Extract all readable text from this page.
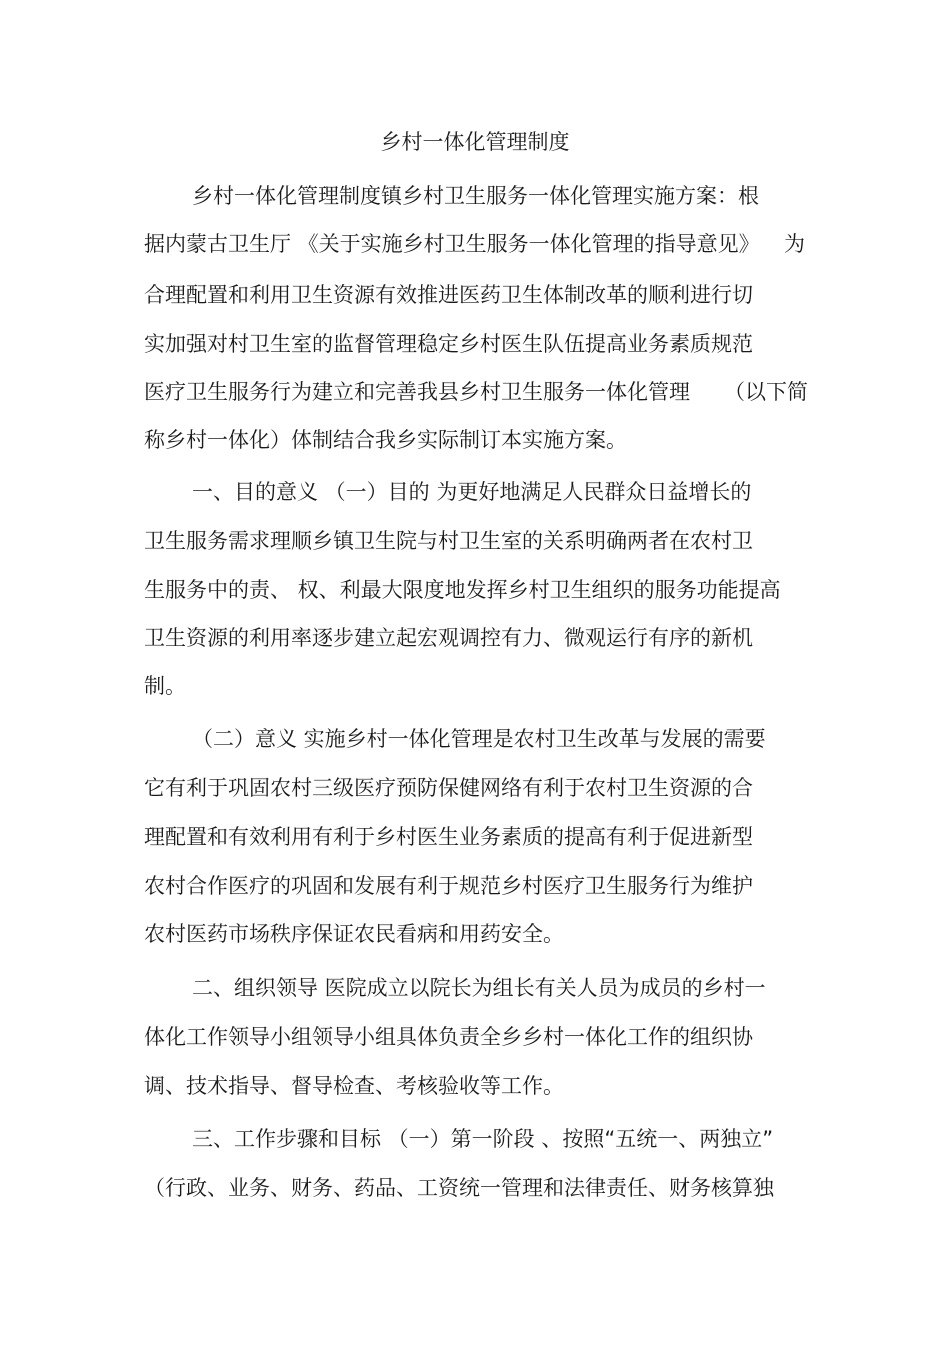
乡村一体化管理制度
乡村一体化管理制度镇乡村卫生服务一体化管理实施方案：根
据内蒙古卫生厅 《关于实施乡村卫生服务一体化管理的指导意见》 为
合理配置和利用卫生资源有效推进医药卫生体制改革的顺利进行切
实加强对村卫生室的监督管理稳定乡村医生队伍提高业务素质规范
医疗卫生服务行为建立和完善我县乡村卫生服务一体化管理 （以下简
称乡村一体化）体制结合我乡实际制订本实施方案。
一、目的意义 （一）目的 为更好地满足人民群众日益增长的
卫生服务需求理顺乡镇卫生院与村卫生室的关系明确两者在农村卫
生服务中的责、 权、利最大限度地发挥乡村卫生组织的服务功能提高
卫生资源的利用率逐步建立起宏观调控有力、微观运行有序的新机
制。
（二）意义 实施乡村一体化管理是农村卫生改革与发展的需要
它有利于巩固农村三级医疗预防保健网络有利于农村卫生资源的合
理配置和有效利用有利于乡村医生业务素质的提高有利于促进新型
农村合作医疗的巩固和发展有利于规范乡村医疗卫生服务行为维护
农村医药市场秩序保证农民看病和用药安全。
二、组织领导 医院成立以院长为组长有关人员为成员的乡村一
体化工作领导小组领导小组具体负责全乡乡村一体化工作的组织协
调、技术指导、督导检查、考核验收等工作。
三、工作步骤和目标 （一）第一阶段 、按照“五统一、两独立”
（行政、业务、财务、药品、工资统一管理和法律责任、财务核算独
